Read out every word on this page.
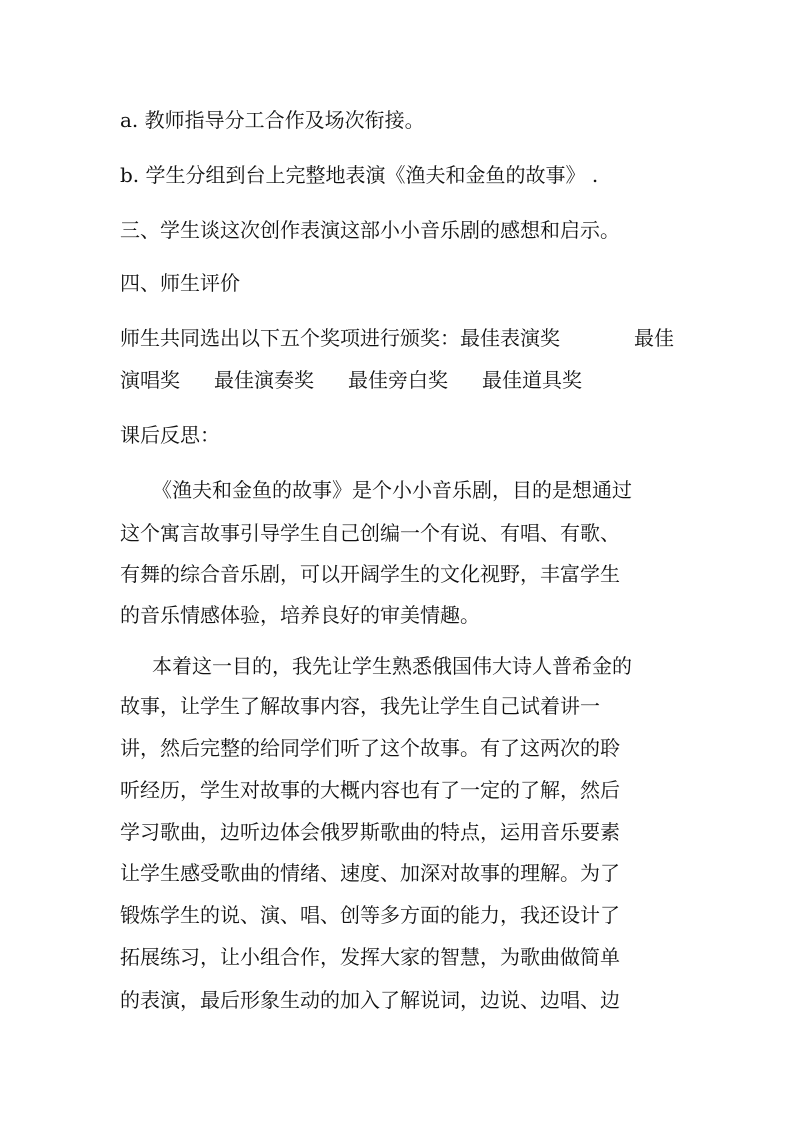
a. 教师指导分工合作及场次衔接。
b. 学生分组到台上完整地表演《渔夫和金鱼的故事》 .
三、学生谈这次创作表演这部小小音乐剧的感想和启示。
四、师生评价
师生共同选出以下五个奖项进行颁奖：最佳表演奖	最佳
演唱奖 最佳演奏奖 最佳旁白奖 最佳道具奖
课后反思：
《渔夫和金鱼的故事》是个小小音乐剧，目的是想通过
这个寓言故事引导学生自己创编一个有说、有唱、有歌、
有舞的综合音乐剧，可以开阔学生的文化视野，丰富学生
的音乐情感体验，培养良好的审美情趣。
本着这一目的，我先让学生熟悉俄国伟大诗人普希金的
故事，让学生了解故事内容，我先让学生自己试着讲一
讲，然后完整的给同学们听了这个故事。有了这两次的聆
听经历，学生对故事的大概内容也有了一定的了解，然后
学习歌曲，边听边体会俄罗斯歌曲的特点，运用音乐要素
让学生感受歌曲的情绪、速度、加深对故事的理解。为了
锻炼学生的说、演、唱、创等多方面的能力，我还设计了
拓展练习，让小组合作，发挥大家的智慧，为歌曲做简单
的表演，最后形象生动的加入了解说词，边说、边唱、边
